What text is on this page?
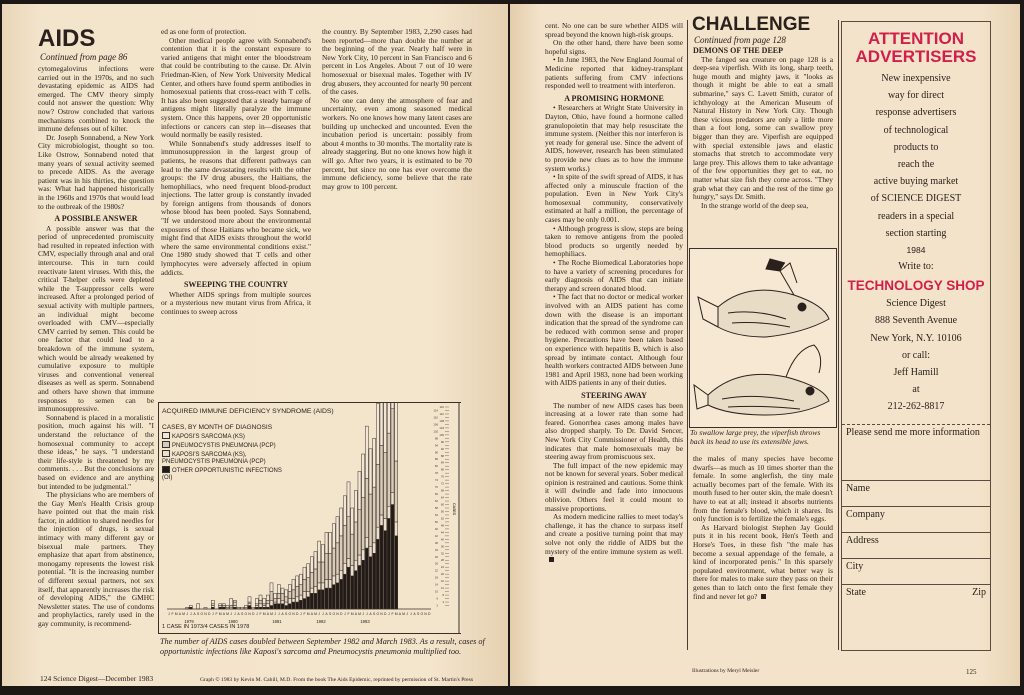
AIDS
Continued from page 86

cytomegalovirus infections were carried out in the 1970s, and no such devastating epidemic as AIDS had emerged. The CMV theory simply could not answer the question: Why now? Ostrow concluded that various mechanisms combined to knock the immune defenses out of kilter.

Dr. Joseph Sonnabend, a New York City microbiologist, thought so too. Like Ostrow, Sonnabend noted that many years of sexual activity seemed to precede AIDS. As the average patient was in his thirties, the question was: What had happened historically in the 1960s and 1970s that would lead to the outbreak of the 1980s?

A POSSIBLE ANSWER

A possible answer was that the period of unprecedented promiscuity had resulted in repeated infection with CMV, especially through anal and oral intercourse. This in turn could reactivate latent viruses. With this, the critical T-helper cells were depleted while the T-suppressor cells were increased. After a prolonged period of sexual activity with multiple partners, an individual might become overloaded with CMV—especially CMV carried by semen. This could be one factor that could lead to a breakdown of the immune system, which would be already weakened by cumulative exposure to multiple viruses and conventional venereal diseases as well as sperm. Sonnabend and others have shown that immune responses to semen can be immunosuppressive.

Sonnabend is placed in a moralistic position, much against his will. "I understand the reluctance of the homosexual community to accept these ideas," he says. "I understand their life-style is threatened by my comments. . . . But the conclusions are based on evidence and are anything but intended to be judgmental."

The physicians who are members of the Gay Men's Health Crisis group have pointed out that the main risk factor, in addition to shared needles for the injection of drugs, is sexual intimacy with many different gay or bisexual male partners. They emphasize that apart from abstinence, monogamy represents the lowest risk potential. "It is the increasing number of different sexual partners, not sex itself, that apparently increases the risk of developing AIDS," the GMHC Newsletter states. The use of condoms and prophylactics, rarely used in the gay community, is recommend-

ed as one form of protection.

Other medical people agree with Sonnabend's contention that it is the constant exposure to varied antigens that might enter the bloodstream that could be contributing to the cause. Dr. Alvin Friedman-Kien, of New York University Medical Center, and others have found sperm antibodies in homosexual patients that cross-react with T cells. It has also been suggested that a steady barrage of antigens might literally paralyze the immune system. Once this happens, over 20 opportunistic infections or cancers can step in—diseases that would normally be easily resisted.

While Sonnabend's study addresses itself to immunosuppression in the largest group of patients, he reasons that different pathways can lead to the same devastating results with the other groups: the IV drug abusers, the Haitians, the hemophiliacs, who need frequent blood-product injections. The latter group is constantly invaded by foreign antigens from thousands of donors whose blood has been pooled. Says Sonnabend, "If we understood more about the environmental exposures of those Haitians who became sick, we might find that AIDS exists throughout the world where the same environmental conditions exist." One 1980 study showed that T cells and other lymphocytes were adversely affected in opium addicts.

SWEEPING THE COUNTRY

Whether AIDS springs from multiple sources or a mysterious new mutant virus from Africa, it continues to sweep across

the country. By September 1983, 2,290 cases had been reported—more than double the number at the beginning of the year. Nearly half were in New York City, 10 percent in San Francisco and 6 percent in Los Angeles. About 7 out of 10 were homosexual or bisexual males. Together with IV drug abusers, they accounted for nearly 90 percent of the cases.

No one can deny the atmosphere of fear and uncertainty, even among seasoned medical workers. No one knows how many latent cases are building up unchecked and uncounted. Even the incubation period is uncertain: possibly from about 4 months to 30 months. The mortality rate is already staggering. But no one knows how high it will go. After two years, it is estimated to be 70 percent, but since no one has ever overcome the immune deficiency, some believe that the rate may grow to 100 percent.

J F M A M J J A S O N D J F M A M J J A S O N D J F M A M J J A S O N D J F M A M J J A S O N D J F M A M J J A S O N D J F M A M J J A S O N D
1979	1980	1981	1982	1983
2
4
6
8
10
12
14
16
18
20
22
24
26
28
30
32
34
36
38
40
42
44
46
48
50
52
54
56
58
60
62
64
66
68
70
72
74
76
78
80
82
84
86
88
90
92
94
96
98
100
102
104
106
108
110
112
114
116
CASES
ACQUIRED IMMUNE DEFICIENCY SYNDROME (AIDS)
CASES, BY MONTH OF DIAGNOSIS
KAPOSI'S SARCOMA (KS)
PNEUMOCYSTIS PNEUMONIA (PCP)
KAPOSI'S SARCOMA (KS), PNEUMOCYSTIS PNEUMONIA (PCP)
OTHER OPPORTUNISTIC INFECTIONS (OI)
1 CASE IN 1973/4 CASES IN 1978
The number of AIDS cases doubled between September 1982 and March 1983. As a result, cases of opportunistic infections like Kaposi's sarcoma and Pneumocystis pneumonia multiplied too.
124 Science Digest—December 1983	Graph © 1983 by Kevin M. Cahill, M.D. From the book The Aids Epidemic, reprinted by permission of St. Martin's Press

cent. No one can be sure whether AIDS will spread beyond the known high-risk groups.

On the other hand, there have been some hopeful signs.

• In June 1983, the New England Journal of Medicine reported that kidney-transplant patients suffering from CMV infections responded well to treatment with interferon.

A PROMISING HORMONE

• Researchers at Wright State University in Dayton, Ohio, have found a hormone called granulopoietin that may help resuscitate the immune system. (Neither this nor interferon is yet ready for general use. Since the advent of AIDS, however, research has been stimulated to provide new clues as to how the immune system works.)

• In spite of the swift spread of AIDS, it has affected only a minuscule fraction of the population. Even in New York City's homosexual community, conservatively estimated at half a million, the percentage of cases may be only 0.001.

• Although progress is slow, steps are being taken to remove antigens from the pooled blood products so urgently needed by hemophiliacs.

• The Roche Biomedical Laboratories hope to have a variety of screening procedures for early diagnosis of AIDS that can initiate therapy and screen donated blood.

• The fact that no doctor or medical worker involved with an AIDS patient has come down with the disease is an important indication that the spread of the syndrome can be reduced with common sense and proper hygiene. Precautions have been taken based on experience with hepatitis B, which is also spread by intimate contact. Although four health workers contracted AIDS between June 1981 and April 1983, none had been working with AIDS patients in any of their duties.

STEERING AWAY

The number of new AIDS cases has been increasing at a lower rate than some had feared. Gonorrhea cases among males have also dropped sharply. To Dr. David Sencer, New York City Commissioner of Health, this indicates that male homosexuals may be steering away from promiscuous sex.

The full impact of the new epidemic may not be known for several years. Sober medical opinion is restrained and cautious. Some think it will dwindle and fade into innocuous oblivion. Others feel it could mount to massive proportions.

As modern medicine rallies to meet today's challenge, it has the chance to surpass itself and create a positive turning point that may solve not only the riddle of AIDS but the mystery of the entire immune system as well.

CHALLENGE
Continued from page 128

DEMONS OF THE DEEP

The fanged sea creature on page 128 is a deep-sea viperfish. With its long, sharp teeth, huge mouth and mighty jaws, it "looks as though it might be able to eat a small submarine," says C. Lavett Smith, curator of ichthyology at the American Museum of Natural History in New York City. Though these vicious predators are only a little more than a foot long, some can swallow prey bigger than they are. Viperfish are equipped with special extensible jaws and elastic stomachs that stretch to accommodate very large prey. This allows them to take advantage of the few opportunities they get to eat, no matter what size fish they come across. "They grab what they can and the rest of the time go hungry," says Dr. Smith.

In the strange world of the deep sea,

To swallow large prey, the viperfish throws back its head to use its extensible jaws.

the males of many species have become dwarfs—as much as 10 times shorter than the female. In some anglerfish, the tiny male actually becomes part of the female. With its mouth fused to her outer skin, the male doesn't have to eat at all; instead it absorbs nutrients from the female's blood, which it shares. Its only function is to fertilize the female's eggs.

As Harvard biologist Stephen Jay Gould puts it in his recent book, Hen's Teeth and Horse's Toes, in these fish "the male has become a sexual appendage of the female, a kind of incorporated penis." In this sparsely populated environment, what better way is there for males to make sure they pass on their genes than to latch onto the first female they find and never let go?

Illustrations by Meryl Meisler
ATTENTION
ADVERTISERS
New inexpensive
way for direct
response advertisers
of technological
products to
reach the
active buying market
of SCIENCE DIGEST
readers in a special
section starting
1984
Write to:
TECHNOLOGY SHOP
Science Digest
888 Seventh Avenue
New York, N.Y. 10106
or call:
Jeff Hamill
at
212-262-8817
Please send me more information
Name
Company
Address
City
State	Zip
125
